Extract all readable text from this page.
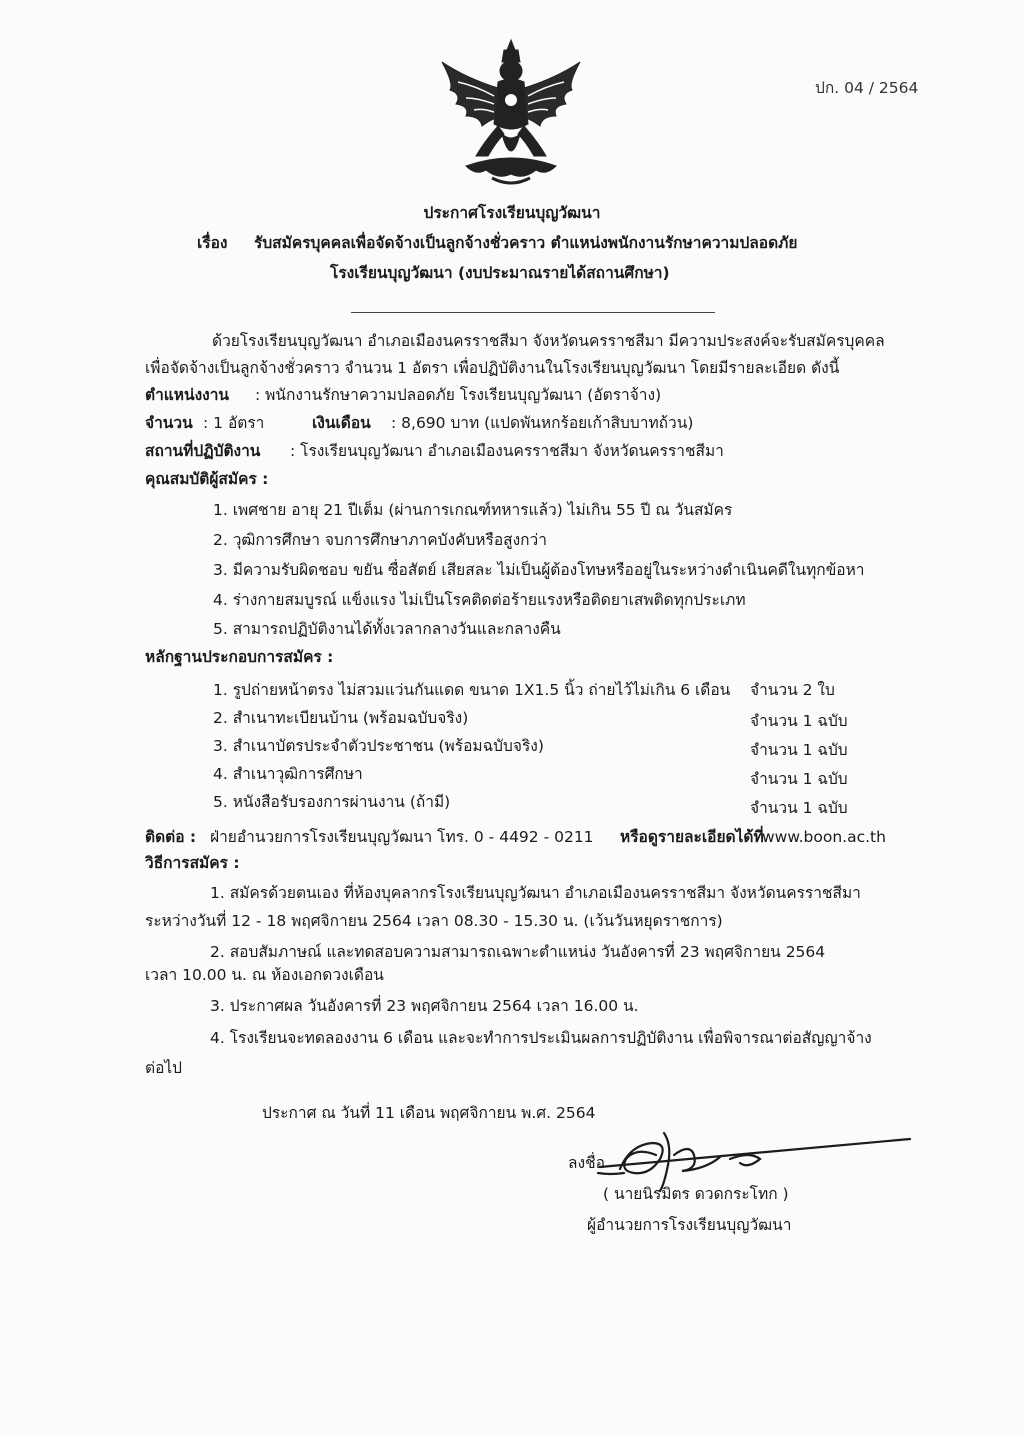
ปก. 04 / 2564
ประกาศโรงเรียนบุญวัฒนา
เรื่อง รับสมัครบุคคลเพื่อจัดจ้างเป็นลูกจ้างชั่วคราว ตำแหน่งพนักงานรักษาความปลอดภัย
โรงเรียนบุญวัฒนา (งบประมาณรายได้สถานศึกษา)
ด้วยโรงเรียนบุญวัฒนา อำเภอเมืองนครราชสีมา จังหวัดนครราชสีมา มีความประสงค์จะรับสมัครบุคคล
เพื่อจัดจ้างเป็นลูกจ้างชั่วคราว จำนวน 1 อัตรา เพื่อปฏิบัติงานในโรงเรียนบุญวัฒนา โดยมีรายละเอียด ดังนี้
ตำแหน่งงาน : พนักงานรักษาความปลอดภัย โรงเรียนบุญวัฒนา (อัตราจ้าง)
จำนวน : 1 อัตรา	เงินเดือน : 8,690 บาท (แปดพันหกร้อยเก้าสิบบาทถ้วน)
สถานที่ปฏิบัติงาน : โรงเรียนบุญวัฒนา อำเภอเมืองนครราชสีมา จังหวัดนครราชสีมา
คุณสมบัติผู้สมัคร :
1. เพศชาย อายุ 21 ปีเต็ม (ผ่านการเกณฑ์ทหารแล้ว) ไม่เกิน 55 ปี ณ วันสมัคร
2. วุฒิการศึกษา จบการศึกษาภาคบังคับหรือสูงกว่า
3. มีความรับผิดชอบ ขยัน ซื่อสัตย์ เสียสละ ไม่เป็นผู้ต้องโทษหรืออยู่ในระหว่างดำเนินคดีในทุกข้อหา
4. ร่างกายสมบูรณ์ แข็งแรง ไม่เป็นโรคติดต่อร้ายแรงหรือติดยาเสพติดทุกประเภท
5. สามารถปฏิบัติงานได้ทั้งเวลากลางวันและกลางคืน
หลักฐานประกอบการสมัคร :
1. รูปถ่ายหน้าตรง ไม่สวมแว่นกันแดด ขนาด 1X1.5 นิ้ว ถ่ายไว้ไม่เกิน 6 เดือน จำนวน 2 ใบ
2. สำเนาทะเบียนบ้าน (พร้อมฉบับจริง)	จำนวน 1 ฉบับ
3. สำเนาบัตรประจำตัวประชาชน (พร้อมฉบับจริง)	จำนวน 1 ฉบับ
4. สำเนาวุฒิการศึกษา	จำนวน 1 ฉบับ
5. หนังสือรับรองการผ่านงาน (ถ้ามี)	จำนวน 1 ฉบับ
ติดต่อ : ฝ่ายอำนวยการโรงเรียนบุญวัฒนา โทร. 0 - 4492 - 0211 หรือดูรายละเอียดได้ที่
www.boon.ac.th
วิธีการสมัคร :
1. สมัครด้วยตนเอง ที่ห้องบุคลากรโรงเรียนบุญวัฒนา อำเภอเมืองนครราชสีมา จังหวัดนครราชสีมา
ระหว่างวันที่ 12 - 18 พฤศจิกายน 2564 เวลา 08.30 - 15.30 น. (เว้นวันหยุดราชการ)
2. สอบสัมภาษณ์ และทดสอบความสามารถเฉพาะตำแหน่ง วันอังคารที่ 23 พฤศจิกายน 2564
เวลา 10.00 น. ณ ห้องเอกดวงเดือน
3. ประกาศผล วันอังคารที่ 23 พฤศจิกายน 2564 เวลา 16.00 น.
4. โรงเรียนจะทดลองงาน 6 เดือน และจะทำการประเมินผลการปฏิบัติงาน เพื่อพิจารณาต่อสัญญาจ้าง
ต่อไป
ประกาศ ณ วันที่ 11 เดือน พฤศจิกายน พ.ศ. 2564
ลงชื่อ
( นายนิรมิตร ดวดกระโทก )
ผู้อำนวยการโรงเรียนบุญวัฒนา
